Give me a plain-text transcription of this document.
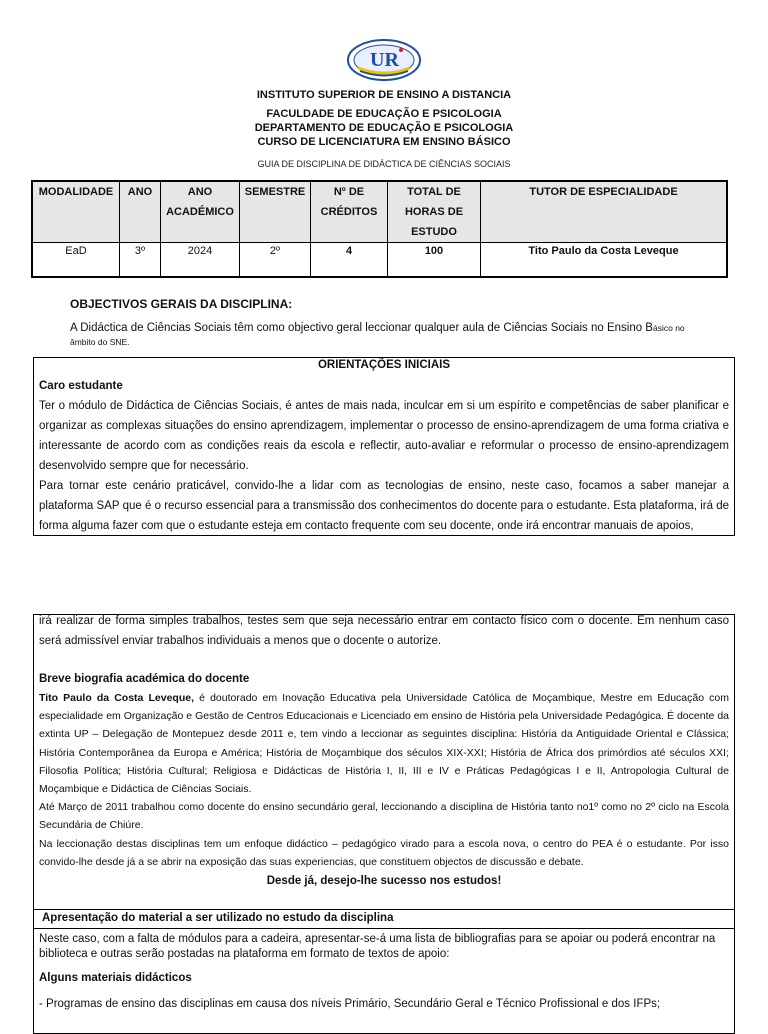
UR
INSTITUTO SUPERIOR DE ENSINO A DISTANCIA
FACULDADE DE EDUCAÇÃO E PSICOLOGIA
DEPARTAMENTO DE EDUCAÇÃO E PSICOLOGIA
CURSO DE LICENCIATURA EM ENSINO BÁSICO
GUIA DE DISCIPLINA DE DIDÁCTICA DE CIÊNCIAS SOCIAIS
MODALIDADE	ANO	ANO ACADÉMICO	SEMESTRE	Nº DE CRÉDITOS	TOTAL DE HORAS DE ESTUDO	TUTOR DE ESPECIALIDADE
EaD	3º	2024	2º	4	100	Tito Paulo da Costa Leveque
OBJECTIVOS GERAIS DA DISCIPLINA:
A Didáctica de Ciências Sociais têm como objectivo geral leccionar qualquer aula de Ciências Sociais no Ensino Básico no âmbito do SNE.

ORIENTAÇÕES INICIAIS

Caro estudante

Ter o módulo de Didáctica de Ciências Sociais, é antes de mais nada, inculcar em si um espírito e competências de saber planificar e organizar as complexas situações do ensino aprendizagem, implementar o processo de ensino-aprendizagem de uma forma criativa e interessante de acordo com as condições reais da escola e reflectir, auto-avaliar e reformular o processo de ensino-aprendizagem desenvolvido sempre que for necessário.

Para tornar este cenário praticável, convido-lhe a lidar com as tecnologias de ensino, neste caso, focamos a saber manejar a plataforma SAP que é o recurso essencial para a transmissão dos conhecimentos do docente para o estudante. Esta plataforma, irá de forma alguma fazer com que o estudante esteja em contacto frequente com seu docente, onde irá encontrar manuais de apoios,

irá realizar de forma simples trabalhos, testes sem que seja necessário entrar em contacto físico com o docente. Em nenhum caso será admissível enviar trabalhos individuais a menos que o docente o autorize.

Breve biografia académica do docente

Tito Paulo da Costa Leveque, é doutorado em Inovação Educativa pela Universidade Católica de Moçambique, Mestre em Educação com especialidade em Organização e Gestão de Centros Educacionais e Licenciado em ensino de História pela Universidade Pedagógica. É docente da extinta UP – Delegação de Montepuez desde 2011 e, tem vindo a leccionar as seguintes disciplina: História da Antiguidade Oriental e Clássica; História Contemporânea da Europa e América; História de Moçambique dos séculos XIX-XXI; História de África dos primórdios até séculos XXI; Filosofia Política; História Cultural; Religiosa e Didácticas de História I, II, III e IV e Práticas Pedagógicas I e II, Antropologia Cultural de Moçambique e Didáctica de Ciências Sociais.

Até Março de 2011 trabalhou como docente do ensino secundário geral, leccionando a disciplina de História tanto no1º como no 2º ciclo na Escola Secundária de Chiúre.

Na leccionação destas disciplinas tem um enfoque didáctico – pedagógico virado para a escola nova, o centro do PEA é o estudante. Por isso convido-lhe desde já a se abrir na exposição das suas experiencias, que constituem objectos de discussão e debate.

Desde já, desejo-lhe sucesso nos estudos!

Apresentação do material a ser utilizado no estudo da disciplina

Neste caso, com a falta de módulos para a cadeira, apresentar-se-á uma lista de bibliografias para se apoiar ou poderá encontrar na biblioteca e outras serão postadas na plataforma em formato de textos de apoio:

Alguns materiais didácticos

- Programas de ensino das disciplinas em causa dos níveis Primário, Secundário Geral e Técnico Profissional e dos IFPs;
